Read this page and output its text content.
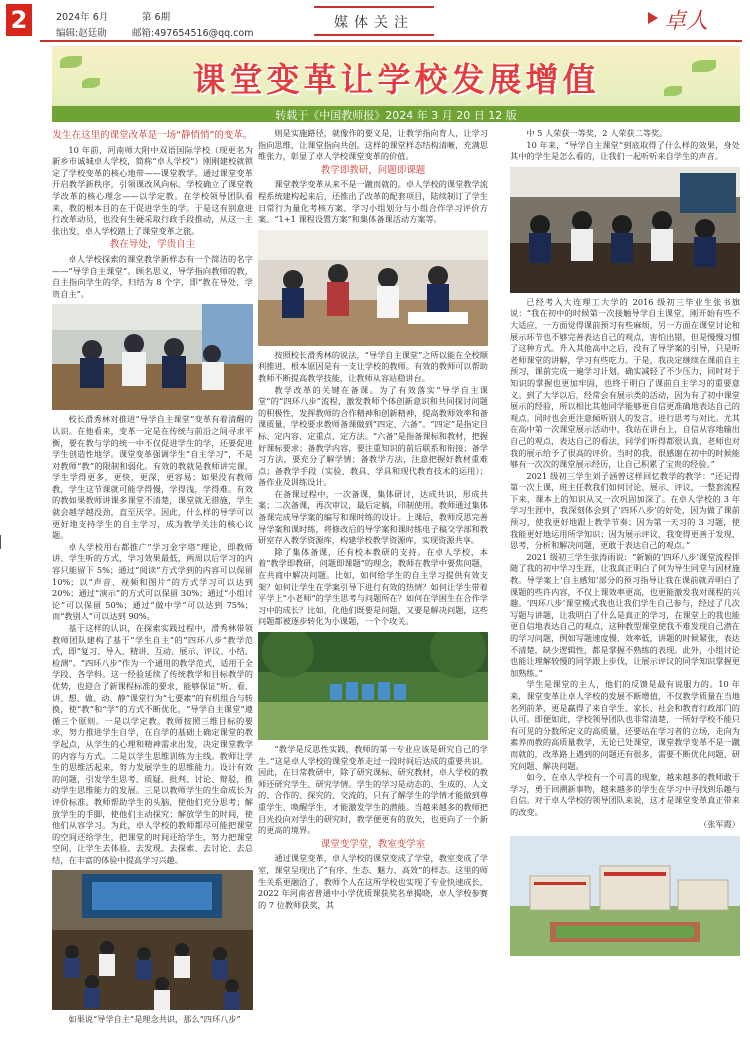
2	2024年 6月	第 6期
编辑:赵廷勋	邮箱:497654516@qq.com
媒体关注	卓人
课堂变革让学校发展增值
转载于《中国教师报》2024 年 3 月 20 日 12 版
发生在这里的课堂改革是一场“静悄悄”的变革。

10 年前，河南师大附中双语国际学校（现更名为新乡市诚城卓人学校，简称“卓人学校”）刚刚建校就锁定了学校变革的核心地带——课堂教学。通过课堂变革开启教学新秩序，引领课改风向标。学校确立了课堂教学改革的核心理念——以学定教。在学校领导团队看来，教的根本目的在于促进学生的学。于是这有别意进行改革动员，也没有生硬采取行政手段推动，从这一主张出发，卓人学校踏上了课堂变革之旅。

教在导处，学贵自主

卓人学校探索的课堂教学新样态有一个简洁的名字——“导学自主课堂”。顾名思义，导学指向教师的教，自主指向学生的学，归结为 8 个字，即“教在导处，学贵自主”。

校长滑秀林对推进“导学自主课堂”变革有着清醒的认识。在他看来，变革一定是在传统与前沿之间寻求平衡，要在教与学的统一中不仅促进学生的学，还要促进学生创造性地学。课堂变革强调学生“自主学习”，不是对教师“教”的限制和弱化。有效的教就是教师讲完课，学生学得更多，更快，更深，更容易；如果没有教师教，学生这节课就可能学得慢，学得浅，学得难。有效的教如果教师讲课多课堂不清楚，课堂就无措施，学生就会越学越没劲，直至厌学。因此，什么样的导学可以更好地支持学生的自主学习，成为教学关注的核心议题。

卓人学校用右都推广“学习金字塔”理论，即教师讲、学生听的方式，学习效果最低，两周以后学习的内容只能留下 5%；通过“阅读”方式学到的内容可以保留 10%；以“声音、视频和图片”的方式学习可以达到 20%；通过“演示”的方式可以保留 30%；通过“小组讨论”可以保留 50%；通过“做中学”可以达到 75%；而“教别人”可以达到 90%。

基于这样的认识，在探索实践过程中，滑秀林带领教师团队建构了基于“学生自主”的“四环八步”教学范式，即“复习、导入、精讲、互动、展示、评议、小结、检测”。“四环八步”作为一个通用的教学范式，适用于全学段、各学科。这一经验延续了传统教学和目标教学的优势，也迎合了新课程标准的要求，能够保证“听、看、讲、想、做、动、静”课堂行为“七要素”的有机组合与转换，使“教”和“学”的方式不断优化，“导学自主课堂”遵循三个原则。一是以学定教。教师按照三维目标的要求，努力推进学生自学，在自学的基础上确定课堂的教学起点，从学生的心理和精神需求出发，决定课堂教学的内容与方式。二是以学生思维训练为主线。教师让学生的思维活起来，努力发展学生的思维能力。设计有效的问题，引发学生思考、质疑、批判、讨论、辩驳，推动学生思维能力的发展。三是以教师学生的生命成长为评价标准。教师帮助学生的头脑，使他们充分思考；解放学生的手脚，使他们主动探究；解放学生的时间，使他们从容学习。为此，卓人学校的教师都尽可能把课堂的空间还给学生，把课堂的时间还给学生，努力把课堂空间，让学生去体验、去发现、去探索、去讨论、去总结，在丰富的体验中提高学习兴趣。

如果说“导学自主”是理念共识，那么“四环八步”

则是实施路径，就像作的要义是，让教学指向育人，让学习指向思维，让课堂指向共创。这样的课堂样态结构清晰，充满思维张力，彰显了卓人学校课堂变革的价值。

教学即教研，问题即课题

课堂教学变革从来不是一蹴而就的。卓人学校的课堂教学流程系统建构起来后，还推出了改革的配套项目，陆续制订了学生日常行为量化考核方案、学习小组划分与小组合作学习评价方案、“1+1 课程设置方案”和集体备课活动方案等。

按照校长滑秀林的说法，“导学自主课堂”之所以能在全校顺利推进，根本原因是有一支让学校的教师。有效的教师可以帮助教师不断提高教学技能，让教师从容站稳讲台。

教学改革的关键在备课。为了有效落实“导学自主课堂”的“四环八步”流程，激发教师个体创新意识和共同探讨问题的积极性，发挥教师的合作精神和创新精神，提高教师效率和备课质量，学校要求教师备课做到“四定、六备”。“四定”是指定目标、定内容、定重点、定方法。“六备”是指备课标和教材，把握好课标要求；备教学内容，要注重知识的前后联系和衔接；备学习方法，要充分了解学情；备教学方法，注意把握好教材重难点；备教学手段（实验、教具、学具和现代教育技术的运用）；备作业及训练设计。

在备课过程中，一次备课，集体研讨，达成共识，形成共案；二次备课，再次审议，最后定稿，印制使用。教师通过集体备课完成导学案的编写和课时练的设计。上课后，教师反思完善导学案和课时练，将修改后的导学案和课时练电子稿交学部和教研室存入教学资源库，构建学校教学资源库，实现资源共享。

除了集体备课，还有校本教研的支持。在卓人学校，本着“教学即教研，问题即课题”的理念，教师在教学中要焦问题，在共商中解决问题。比如，如何给学生的自主学习提供有效支架？如何让学生在学案引导下进行有效的热情？如何让学生带着平学上“小老师”的学生思考与问题所在？如何在学困生在合作学习中的成长？比如，化他们既要是问题，又要是解决问题，这些问题都被逐步转化为小课题，一个个攻关。

“教学是反思性实践，教师的第一专业应该是研究自己的学生。”这是卓人学校的课堂变革走过一段时间后达成的重要共识。因此，在日常教研中，除了研究课标、研究教材，卓人学校的教师还研究学生、研究学情。学生的学习是动态的、生成的、人文的、合作的、探究的、交流的，只有了解学生的学情才能做到尊重学生、唤醒学生，才能激发学生的潜能。当越来越多的教师把目光投向对学生的研究时，教学便更有的放矢，也更向了一个新的更高的境界。

课堂变学堂，教室变学室

通过课堂变革，卓人学校的课堂变成了学堂，教室变成了学室，课堂呈现出了“有序、生态、魅力、高效”的样态。这里的师生关系更融洽了，教师个人在这所学校也实现了专业快速成长，2022 年河南省普通中小学优质课获奖名单揭晓，卓人学校参赛的 7 位教师获奖，其

中 5 人荣获一等奖，2 人荣获二等奖。

10 年来，“导学自主课堂”到底取得了什么样的效果，身处其中的学生是怎么看的，让我们一起听听来自学生的声音。

已经考入大连理工大学的 2016 级初三毕业生张书旗说：“我在初中的时候第一次接触导学自主课堂，刚开始有些不大适应，一方面觉得课前预习有些麻烦，另一方面在课堂讨论和展示环节也不够完善表达自己的观点，害怕出错，但是慢慢习惯了这种方式。升入其他高中之后，没有了导学案的引导，只是听老师课堂的讲解，学习有些吃力。于是，我决定继续在课前自主预习，课前完成一遍学习计划，确实减轻了不少压力，同时对于知识的掌握也更加牢固，也终于明白了课前自主学习的重要意义。到了大学以后，经常会有展示类的活动，因为有了初中课堂展示的经验，所以相比其他同学能够更自信更准确地表达自己的观点。同时也会更注意倾听别人的发言，进行思考与对比。尤其在高中第一次课堂展示活动中，我站在讲台上，自信从容地输出自己的观点，表达自己的看法，同学们听得都很认真，老师也对我的展示给予了很高的评价。当时的我，很感谢在初中的时候能够有一次次的课堂展示经历，让自己积累了宝贵的经验。”

2021 级初三学生刘子涵曾这样回忆教学的教学：“还记得第一次上课，班主任教我们如何讨论、展示、评议，一整套流程下来，课本上的知识从又一次巩固加深了。在卓人学校的 3 年学习生涯中，我深刻体会到了‘四环八步’的好处，因为做了课前预习，使我更好地跟上教学节奏；因为第一天习的 3 习题，使我能更好地运用所学知识；因为展示评议，我变得更善于发现、思考，分析和解决问题，更敢于表达自己的观点。”

2021 级初三学生张涛雨说：“新颖的‘四环八步’课堂流程伴随了我的初中学习生涯，让我真正明白了何为导生同堂与因材施教。导学案上‘自主感知’部分的预习指导让我在课前就弄明白了课题的些许内容，不仅上课效率更高，也更能激发我对课程的兴趣。‘四环八步’课堂模式我也让我们学生自己参与，经过了几次写题与讲题，让我明白了什么是真正的学习，在课堂上的我也能更自信地表达自己的观点，这种教型课堂使我不难发现自己潜在的学习问题，例如写题速度慢、效率低，讲题的时候紧张，表达不清楚，缺少逻辑性，都是掌握不熟练的表现。此外，小组讨论也能让理解较慢的同学跟上步伐，让展示评议的同学知识掌握更加熟练。”

学生是课堂的主人，他们的反馈是最有说服力的。10 年来，课堂变革让卓人学校的发展不断增值，不仅教学质量在当地名列前茅，更是赢得了来自学生、家长、社会和教育行政部门的认可。即便如此，学校领导团队也非常清楚，一所好学校不能只有可见的分数所定义的高质量，还要站在学习者的立场，走向为素养而教的高质量教学，无论已处课堂，课堂教学变革不是一蹴而就的，改革路上遇到的问题还有很多，需要不断优化问题、研究问题、解决问题。

如今，在卓人学校有一个可喜的现象，越来越多的教师敢于学习，勇于回溯新事物，越来越多的学生在学习中寻找到乐趣与自信。对于卓人学校的领导团队来说，这才是课堂变革真正带来的改变。

（张军霞）
